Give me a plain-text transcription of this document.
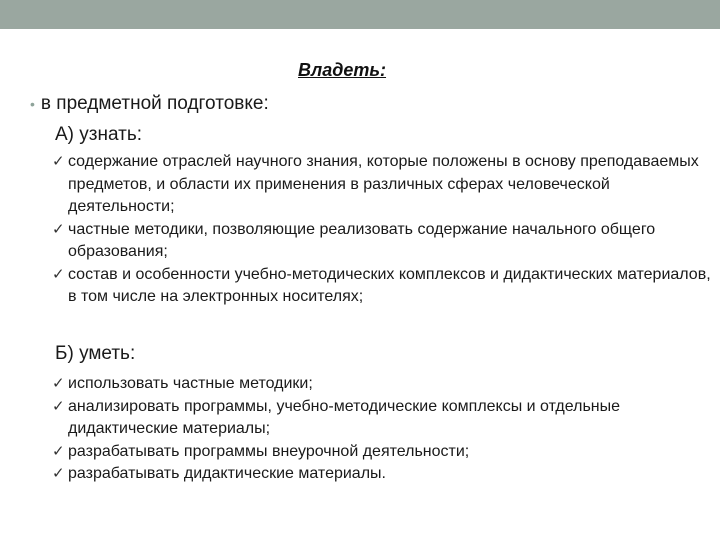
Владеть:
• в предметной подготовке:
А) узнать:
✓ содержание отраслей научного знания, которые положены в основу преподаваемых предметов, и области их применения в различных сферах человеческой деятельности;
✓ частные методики, позволяющие реализовать содержание начального общего образования;
✓ состав и особенности учебно-методических комплексов и дидактических материалов, в том числе на электронных носителях;
Б) уметь:
✓ использовать частные методики;
✓ анализировать программы, учебно-методические комплексы и отдельные дидактические материалы;
✓ разрабатывать программы внеурочной деятельности;
✓ разрабатывать дидактические материалы.
